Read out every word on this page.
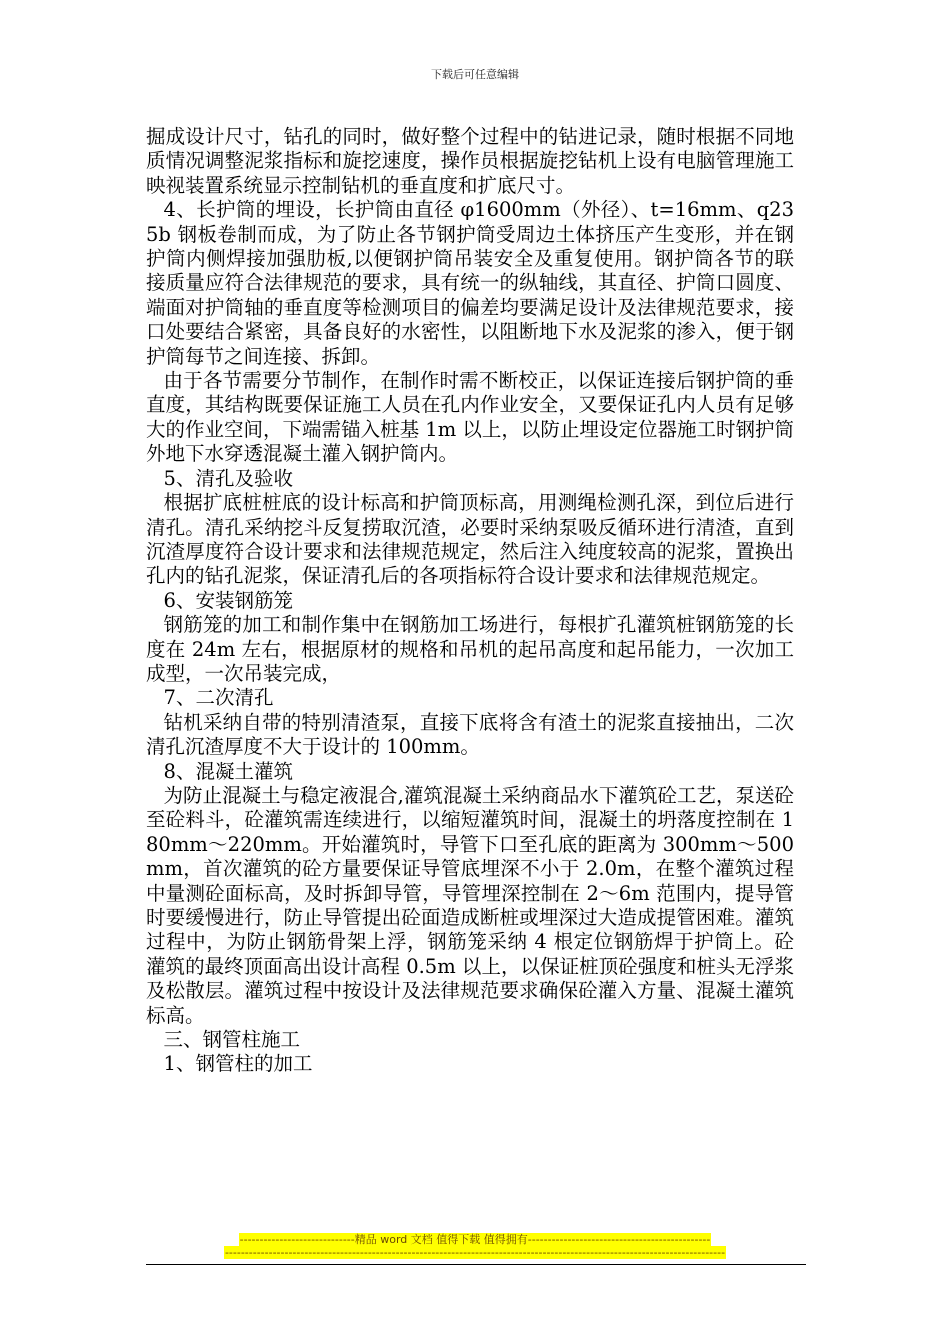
下载后可任意编辑

掘成设计尺寸，钻孔的同时，做好整个过程中的钻进记录，随时根据不同地质情况调整泥浆指标和旋挖速度，操作员根据旋挖钻机上设有电脑管理施工映视装置系统显示控制钻机的垂直度和扩底尺寸。

4、长护筒的埋设，长护筒由直径 φ1600mm（外径）、t=16mm、q235b 钢板卷制而成，为了防止各节钢护筒受周边土体挤压产生变形，并在钢护筒内侧焊接加强肋板,以便钢护筒吊装安全及重复使用。钢护筒各节的联接质量应符合法律规范的要求，具有统一的纵轴线，其直径、护筒口圆度、端面对护筒轴的垂直度等检测项目的偏差均要满足设计及法律规范要求，接口处要结合紧密，具备良好的水密性，以阻断地下水及泥浆的渗入，便于钢护筒每节之间连接、拆卸。

由于各节需要分节制作，在制作时需不断校正，以保证连接后钢护筒的垂直度，其结构既要保证施工人员在孔内作业安全，又要保证孔内人员有足够大的作业空间，下端需锚入桩基 1m 以上，以防止埋设定位器施工时钢护筒外地下水穿透混凝土灌入钢护筒内。

5、清孔及验收

根据扩底桩桩底的设计标高和护筒顶标高，用测绳检测孔深，到位后进行清孔。清孔采纳挖斗反复捞取沉渣，必要时采纳泵吸反循环进行清渣，直到沉渣厚度符合设计要求和法律规范规定，然后注入纯度较高的泥浆，置换出孔内的钻孔泥浆，保证清孔后的各项指标符合设计要求和法律规范规定。

6、安装钢筋笼

钢筋笼的加工和制作集中在钢筋加工场进行，每根扩孔灌筑桩钢筋笼的长度在 24m 左右，根据原材的规格和吊机的起吊高度和起吊能力，一次加工成型，一次吊装完成，

7、二次清孔

钻机采纳自带的特别清渣泵，直接下底将含有渣土的泥浆直接抽出，二次清孔沉渣厚度不大于设计的 100mm。

8、混凝土灌筑

为防止混凝土与稳定液混合,灌筑混凝土采纳商品水下灌筑砼工艺，泵送砼至砼料斗，砼灌筑需连续进行，以缩短灌筑时间，混凝土的坍落度控制在 180mm～220mm。开始灌筑时，导管下口至孔底的距离为 300mm～500mm，首次灌筑的砼方量要保证导管底埋深不小于 2.0m，在整个灌筑过程中量测砼面标高，及时拆卸导管，导管埋深控制在 2～6m 范围内，提导管时要缓慢进行，防止导管提出砼面造成断桩或埋深过大造成提管困难。灌筑过程中，为防止钢筋骨架上浮，钢筋笼采纳 4 根定位钢筋焊于护筒上。砼灌筑的最终顶面高出设计高程 0.5m 以上，以保证桩顶砼强度和桩头无浮浆及松散层。灌筑过程中按设计及法律规范要求确保砼灌入方量、混凝土灌筑标高。

三、钢管柱施工

1、钢管柱的加工

-----------------------------精品 word 文档 值得下载 值得拥有----------------------------------------------
------------------------------------------------------------------------------------------------------------------------------
